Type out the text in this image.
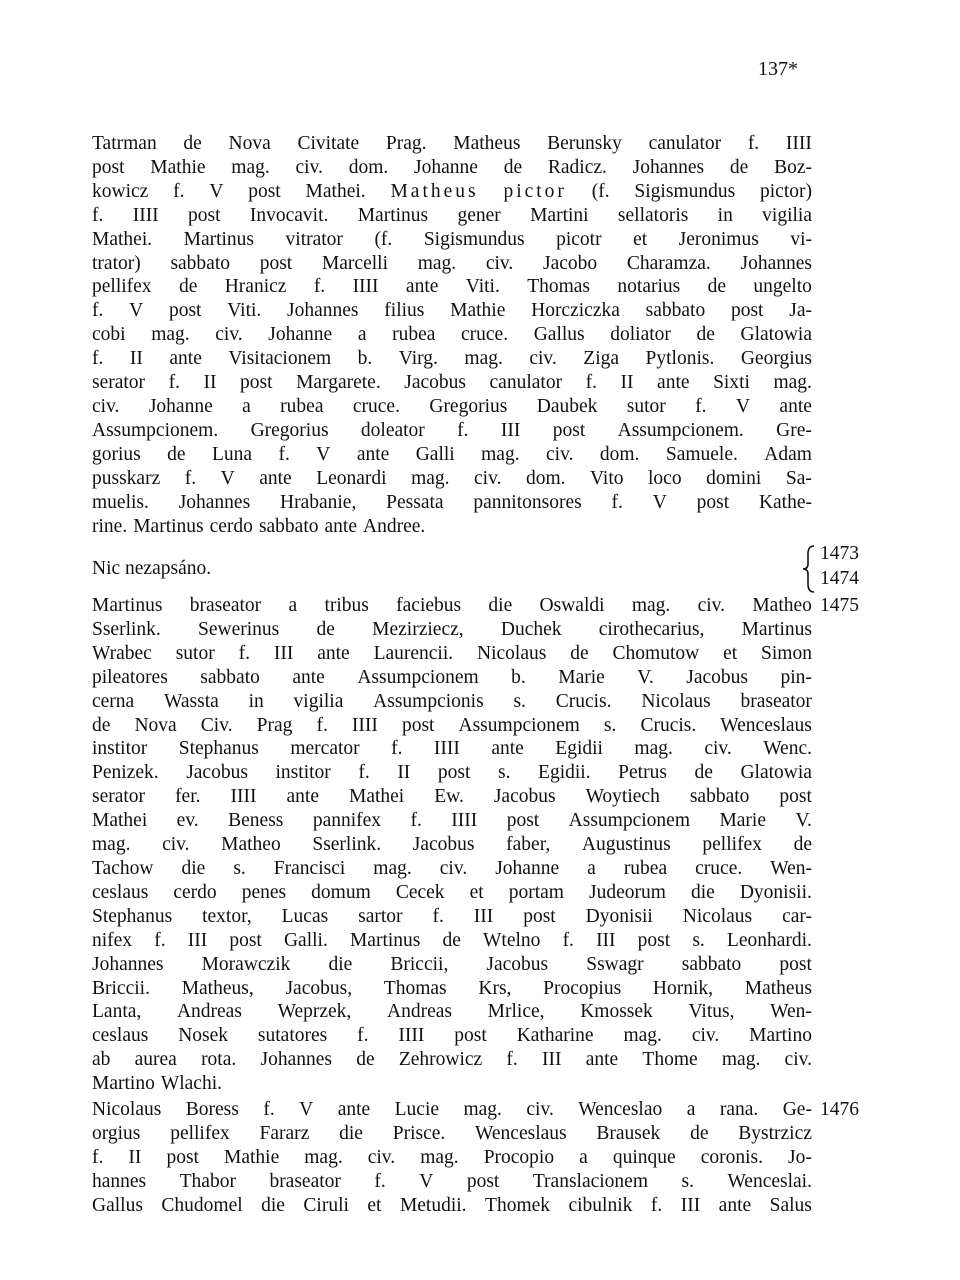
137*
Tatrman de Nova Civitate Prag. Matheus Berunsky canulator f. IIII
post Mathie mag. civ. dom. Johanne de Radicz. Johannes de Boz-
kowicz f. V post Mathei. Matheus pictor (f. Sigismundus pictor)
f. IIII post Invocavit. Martinus gener Martini sellatoris in vigilia
Mathei. Martinus vitrator (f. Sigismundus picotr et Jeronimus vi-
trator) sabbato post Marcelli mag. civ. Jacobo Charamza. Johannes
pellifex de Hranicz f. IIII ante Viti. Thomas notarius de ungelto
f. V post Viti. Johannes filius Mathie Horcziczka sabbato post Ja-
cobi mag. civ. Johanne a rubea cruce. Gallus doliator de Glatowia
f. II ante Visitacionem b. Virg. mag. civ. Ziga Pytlonis. Georgius
serator f. II post Margarete. Jacobus canulator f. II ante Sixti mag.
civ. Johanne a rubea cruce. Gregorius Daubek sutor f. V ante
Assumpcionem. Gregorius doleator f. III post Assumpcionem. Gre-
gorius de Luna f. V ante Galli mag. civ. dom. Samuele. Adam
pusskarz f. V ante Leonardi mag. civ. dom. Vito loco domini Sa-
muelis. Johannes Hrabanie, Pessata pannitonsores f. V post Kathe-
rine. Martinus cerdo sabbato ante Andree.
Nic nezapsáno.
1473
1474
1475
Martinus braseator a tribus faciebus die Oswaldi mag. civ. Matheo
Sserlink. Sewerinus de Mezirziecz, Duchek cirothecarius, Martinus
Wrabec sutor f. III ante Laurencii. Nicolaus de Chomutow et Simon
pileatores sabbato ante Assumpcionem b. Marie V. Jacobus pin-
cerna Wassta in vigilia Assumpcionis s. Crucis. Nicolaus braseator
de Nova Civ. Prag f. IIII post Assumpcionem s. Crucis. Wenceslaus
institor Stephanus mercator f. IIII ante Egidii mag. civ. Wenc.
Penizek. Jacobus institor f. II post s. Egidii. Petrus de Glatowia
serator fer. IIII ante Mathei Ew. Jacobus Woytiech sabbato post
Mathei ev. Beness pannifex f. IIII post Assumpcionem Marie V.
mag. civ. Matheo Sserlink. Jacobus faber, Augustinus pellifex de
Tachow die s. Francisci mag. civ. Johanne a rubea cruce. Wen-
ceslaus cerdo penes domum Cecek et portam Judeorum die Dyonisii.
Stephanus textor, Lucas sartor f. III post Dyonisii Nicolaus car-
nifex f. III post Galli. Martinus de Wtelno f. III post s. Leonhardi.
Johannes Morawczik die Briccii, Jacobus Sswagr sabbato post
Briccii. Matheus, Jacobus, Thomas Krs, Procopius Hornik, Matheus
Lanta, Andreas Weprzek, Andreas Mrlice, Kmossek Vitus, Wen-
ceslaus Nosek sutatores f. IIII post Katharine mag. civ. Martino
ab aurea rota. Johannes de Zehrowicz f. III ante Thome mag. civ.
Martino Wlachi.
1476
Nicolaus Boress f. V ante Lucie mag. civ. Wenceslao a rana. Ge-
orgius pellifex Fararz die Prisce. Wenceslaus Brausek de Bystrzicz
f. II post Mathie mag. civ. mag. Procopio a quinque coronis. Jo-
hannes Thabor braseator f. V post Translacionem s. Wenceslai.
Gallus Chudomel die Ciruli et Metudii. Thomek cibulnik f. III ante Salus
